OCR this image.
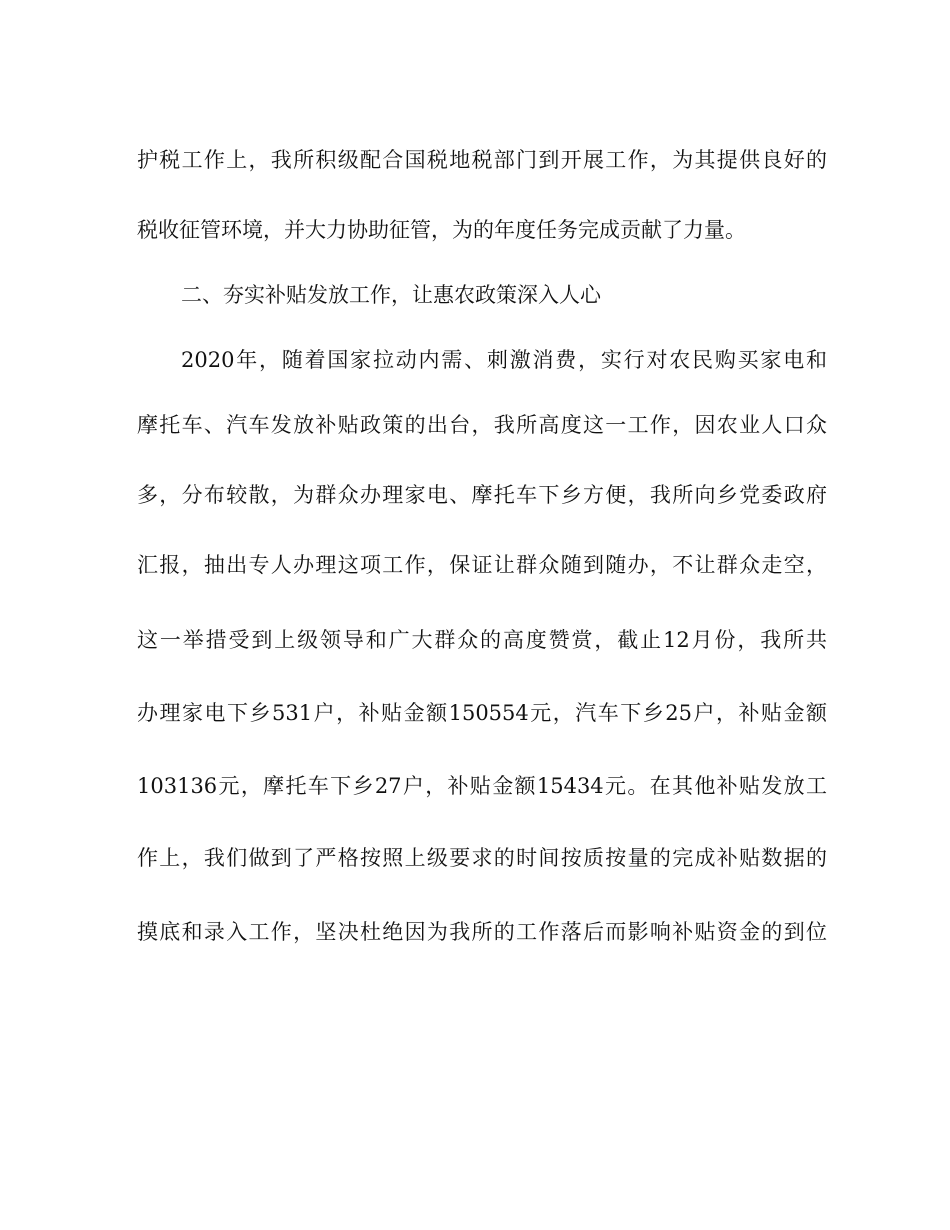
护税工作上，我所积级配合国税地税部门到开展工作，为其提供良好的
税收征管环境，并大力协助征管，为的年度任务完成贡献了力量。
二、夯实补贴发放工作，让惠农政策深入人心
2020年，随着国家拉动内需、刺激消费，实行对农民购买家电和
摩托车、汽车发放补贴政策的出台，我所高度这一工作，因农业人口众
多，分布较散，为群众办理家电、摩托车下乡方便，我所向乡党委政府
汇报，抽出专人办理这项工作，保证让群众随到随办，不让群众走空，
这一举措受到上级领导和广大群众的高度赞赏，截止12月份，我所共
办理家电下乡531户，补贴金额150554元，汽车下乡25户，补贴金额
103136元，摩托车下乡27户，补贴金额15434元。在其他补贴发放工
作上，我们做到了严格按照上级要求的时间按质按量的完成补贴数据的
摸底和录入工作，坚决杜绝因为我所的工作落后而影响补贴资金的到位
